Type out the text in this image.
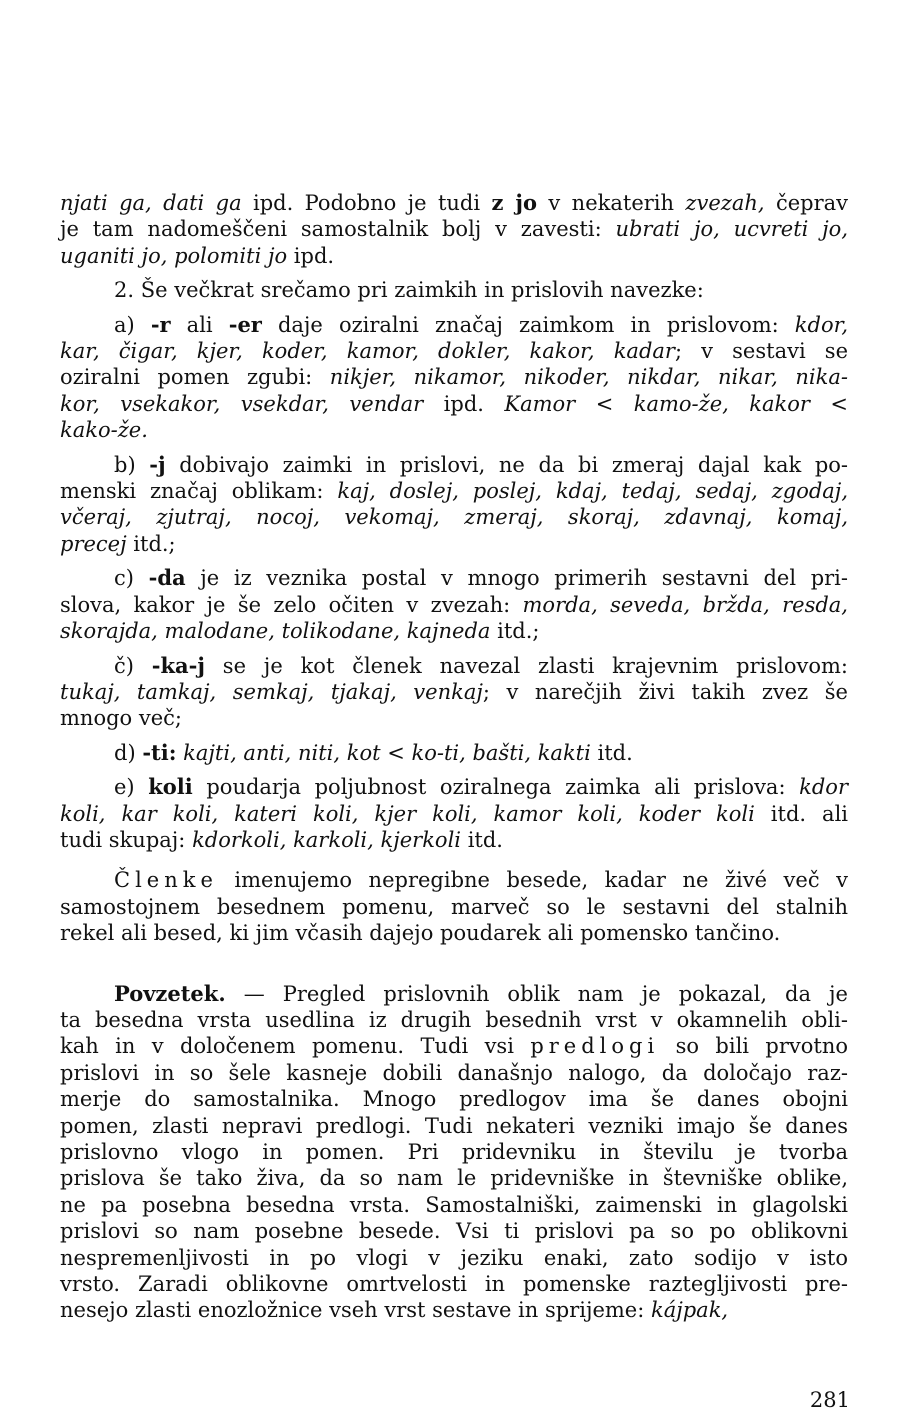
njati ga, dati ga ipd. Podobno je tudi z jo v nekaterih zvezah, čeprav
je tam nadomeščeni samostalnik bolj v zavesti: ubrati jo, ucvreti jo,
uganiti jo, polomiti jo ipd.
2. Še večkrat srečamo pri zaimkih in prislovih navezke:
a) -r ali -er daje oziralni značaj zaimkom in prislovom: kdor,
kar, čigar, kjer, koder, kamor, dokler, kakor, kadar; v sestavi se
oziralni pomen zgubi: nikjer, nikamor, nikoder, nikdar, nikar, nika-
kor, vsekakor, vsekdar, vendar ipd. Kamor < kamo-že, kakor <
kako-že.
b) -j dobivajo zaimki in prislovi, ne da bi zmeraj dajal kak po-
menski značaj oblikam: kaj, doslej, poslej, kdaj, tedaj, sedaj, zgodaj,
včeraj, zjutraj, nocoj, vekomaj, zmeraj, skoraj, zdavnaj, komaj,
precej itd.;
c) -da je iz veznika postal v mnogo primerih sestavni del pri-
slova, kakor je še zelo očiten v zvezah: morda, seveda, bržda, resda,
skorajda, malodane, tolikodane, kajneda itd.;
č) -ka-j se je kot členek navezal zlasti krajevnim prislovom:
tukaj, tamkaj, semkaj, tjakaj, venkaj; v narečjih živi takih zvez še
mnogo več;
d) -ti: kajti, anti, niti, kot < ko-ti, bašti, kakti itd.
e) koli poudarja poljubnost oziralnega zaimka ali prislova: kdor
koli, kar koli, kateri koli, kjer koli, kamor koli, koder koli itd. ali
tudi skupaj: kdorkoli, karkoli, kjerkoli itd.
Členke imenujemo nepregibne besede, kadar ne živé več v
samostojnem besednem pomenu, marveč so le sestavni del stalnih
rekel ali besed, ki jim včasih dajejo poudarek ali pomensko tančino.
Povzetek. — Pregled prislovnih oblik nam je pokazal, da je
ta besedna vrsta usedlina iz drugih besednih vrst v okamnelih obli-
kah in v določenem pomenu. Tudi vsi predlogi so bili prvotno
prislovi in so šele kasneje dobili današnjo nalogo, da določajo raz-
merje do samostalnika. Mnogo predlogov ima še danes obojni
pomen, zlasti nepravi predlogi. Tudi nekateri vezniki imajo še danes
prislovno vlogo in pomen. Pri pridevniku in številu je tvorba
prislova še tako živa, da so nam le pridevniške in števniške oblike,
ne pa posebna besedna vrsta. Samostalniški, zaimenski in glagolski
prislovi so nam posebne besede. Vsi ti prislovi pa so po oblikovni
nespremenljivosti in po vlogi v jeziku enaki, zato sodijo v isto
vrsto. Zaradi oblikovne omrtvelosti in pomenske raztegljivosti pre-
nesejo zlasti enozložnice vseh vrst sestave in sprijeme: kájpak,
281
